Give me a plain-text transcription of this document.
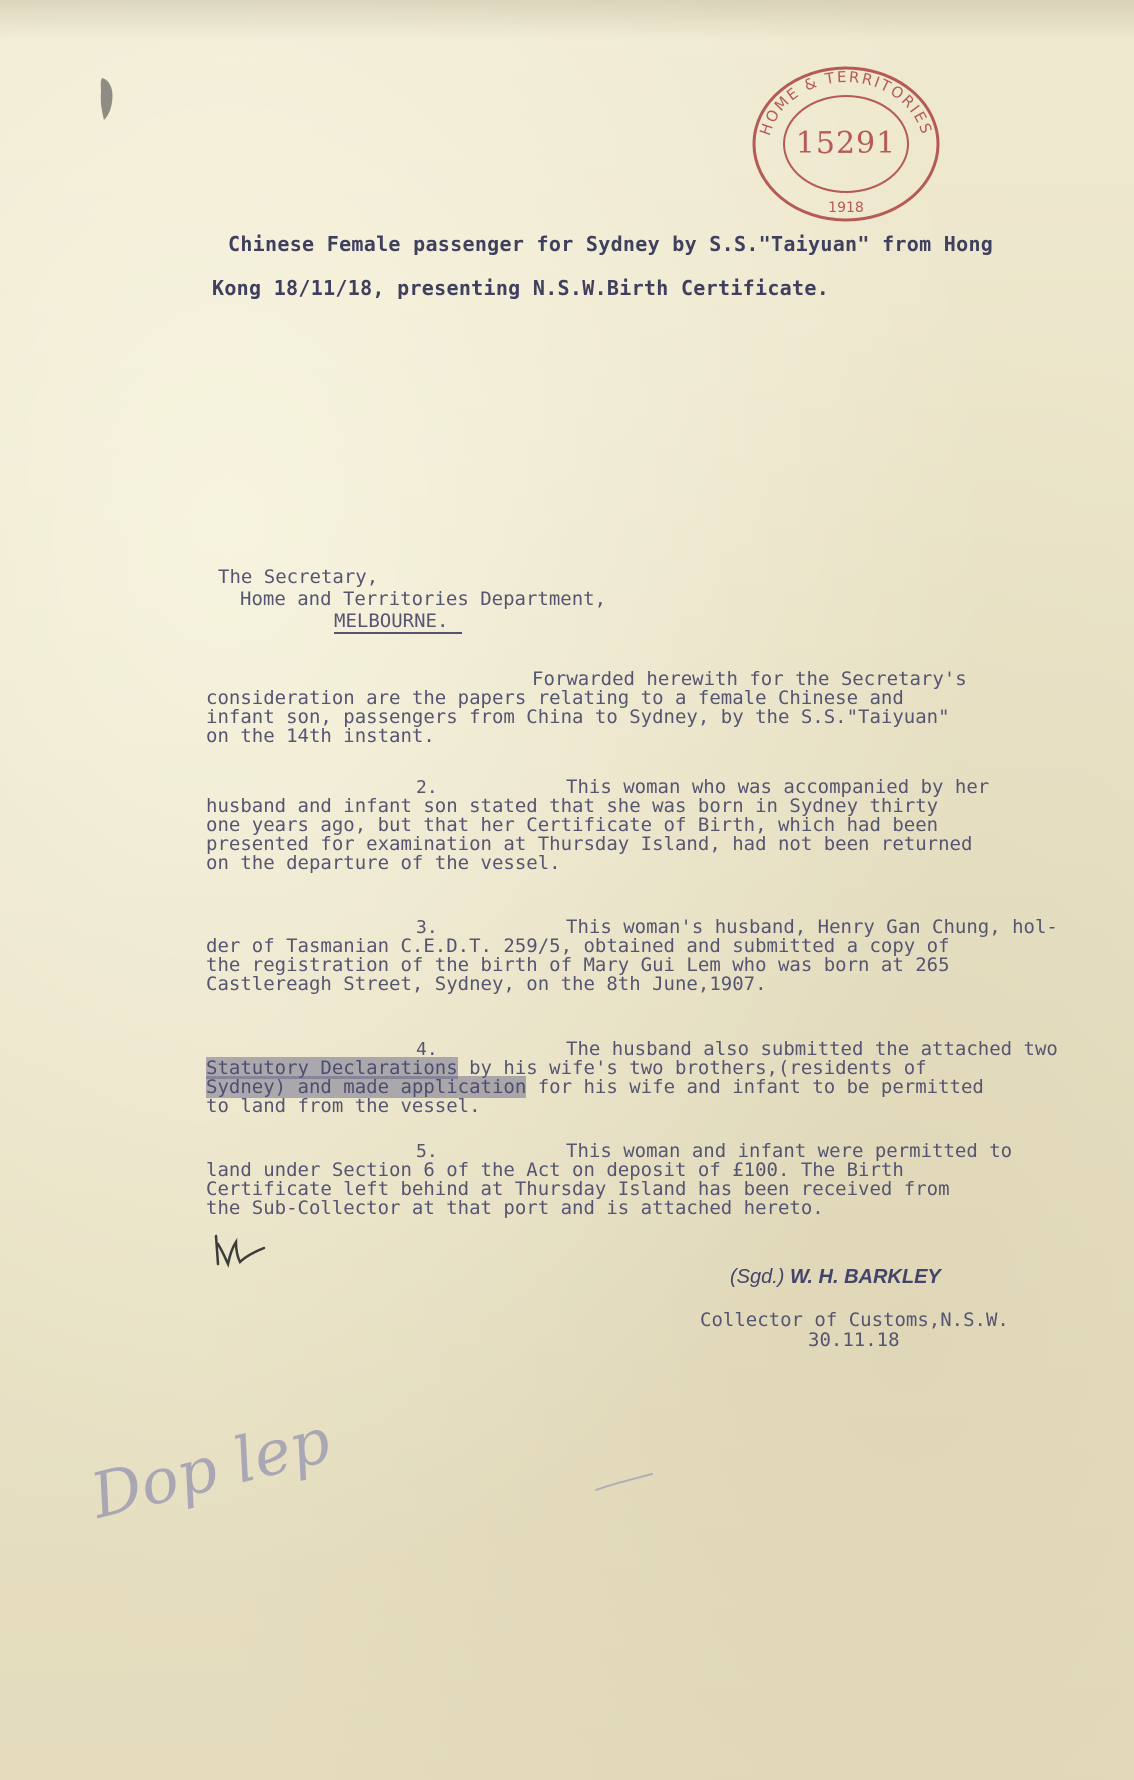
HOME & TERRITORIES
1918
15291
Chinese Female passenger for Sydney by S.S."Taiyuan" from Hong
Kong 18/11/18, presenting N.S.W.Birth Certificate.
The Secretary,
Home and Territories Department,
MELBOURNE.
Forwarded herewith for the Secretary's
consideration are the papers relating to a female Chinese and
infant son, passengers from China to Sydney, by the S.S."Taiyuan"
on the 14th instant.
2.	This woman who was accompanied by her
husband and infant son stated that she was born in Sydney thirty
one years ago, but that her Certificate of Birth, which had been
presented for examination at Thursday Island, had not been returned
on the departure of the vessel.
3.	This woman's husband, Henry Gan Chung, hol-
der of Tasmanian C.E.D.T. 259/5, obtained and submitted a copy of
the registration of the birth of Mary Gui Lem who was born at 265
Castlereagh Street, Sydney, on the 8th June,1907.
4.	The husband also submitted the attached two
Statutory Declarations by his wife's two brothers,(residents of
Sydney) and made application for his wife and infant to be permitted
to land from the vessel.
5.	This woman and infant were permitted to
land under Section 6 of the Act on deposit of £100. The Birth
Certificate left behind at Thursday Island has been received from
the Sub-Collector at that port and is attached hereto.
(Sgd.) W. H. BARKLEY
Collector of Customs,N.S.W.
30.11.18
Dop lep
